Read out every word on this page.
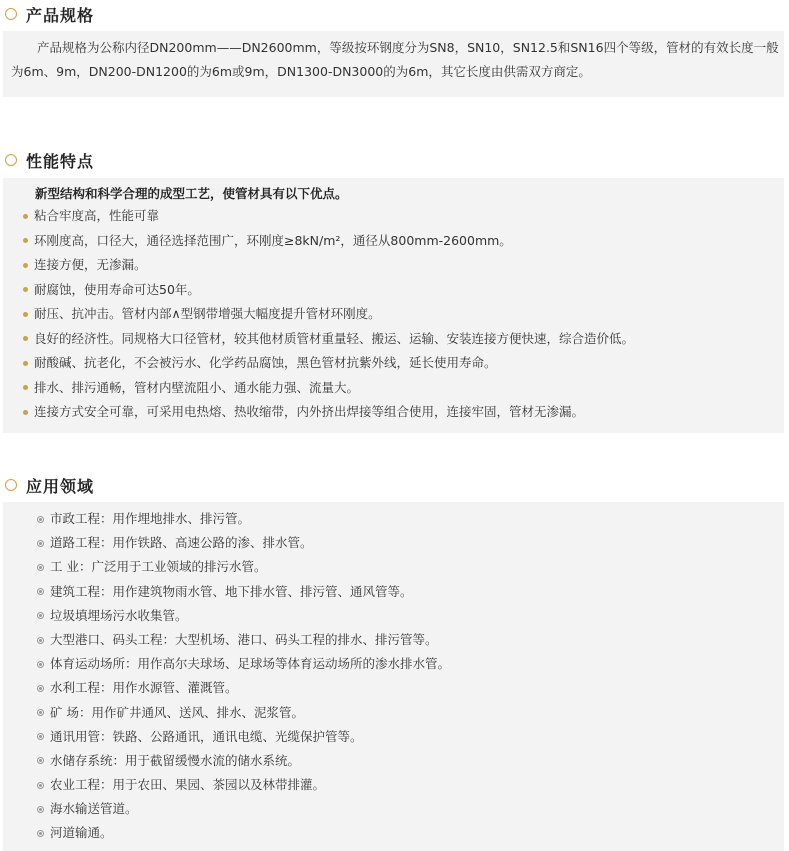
产品规格

产品规格为公称内径DN200mm——DN2600mm，等级按环钢度分为SN8，SN10，SN12.5和SN16四个等级，管材的有效长度一般为6m、9m，DN200-DN1200的为6m或9m，DN1300-DN3000的为6m，其它长度由供需双方商定。

性能特点
新型结构和科学合理的成型工艺，使管材具有以下优点。
粘合牢度高，性能可靠
环刚度高，口径大，通径选择范围广，环刚度≥8kN/m²，通径从800mm-2600mm。
连接方便，无渗漏。
耐腐蚀，使用寿命可达50年。
耐压、抗冲击。管材内部∧型钢带增强大幅度提升管材环刚度。
良好的经济性。同规格大口径管材，较其他材质管材重量轻、搬运、运输、安装连接方便快速，综合造价低。
耐酸碱、抗老化，不会被污水、化学药品腐蚀，黑色管材抗紫外线，延长使用寿命。
排水、排污通畅，管材内壁流阻小、通水能力强、流量大。
连接方式安全可靠，可采用电热熔、热收缩带，内外挤出焊接等组合使用，连接牢固，管材无渗漏。
应用领域
市政工程：用作埋地排水、排污管。
道路工程：用作铁路、高速公路的渗、排水管。
工 业：广泛用于工业领域的排污水管。
建筑工程：用作建筑物雨水管、地下排水管、排污管、通风管等。
垃圾填埋场污水收集管。
大型港口、码头工程：大型机场、港口、码头工程的排水、排污管等。
体育运动场所：用作高尔夫球场、足球场等体育运动场所的渗水排水管。
水利工程：用作水源管、灌溉管。
矿 场：用作矿井通风、送风、排水、泥浆管。
通讯用管：铁路、公路通讯，通讯电缆、光缆保护管等。
水储存系统：用于截留缓慢水流的储水系统。
农业工程：用于农田、果园、茶园以及林带排灌。
海水输送管道。
河道输通。
